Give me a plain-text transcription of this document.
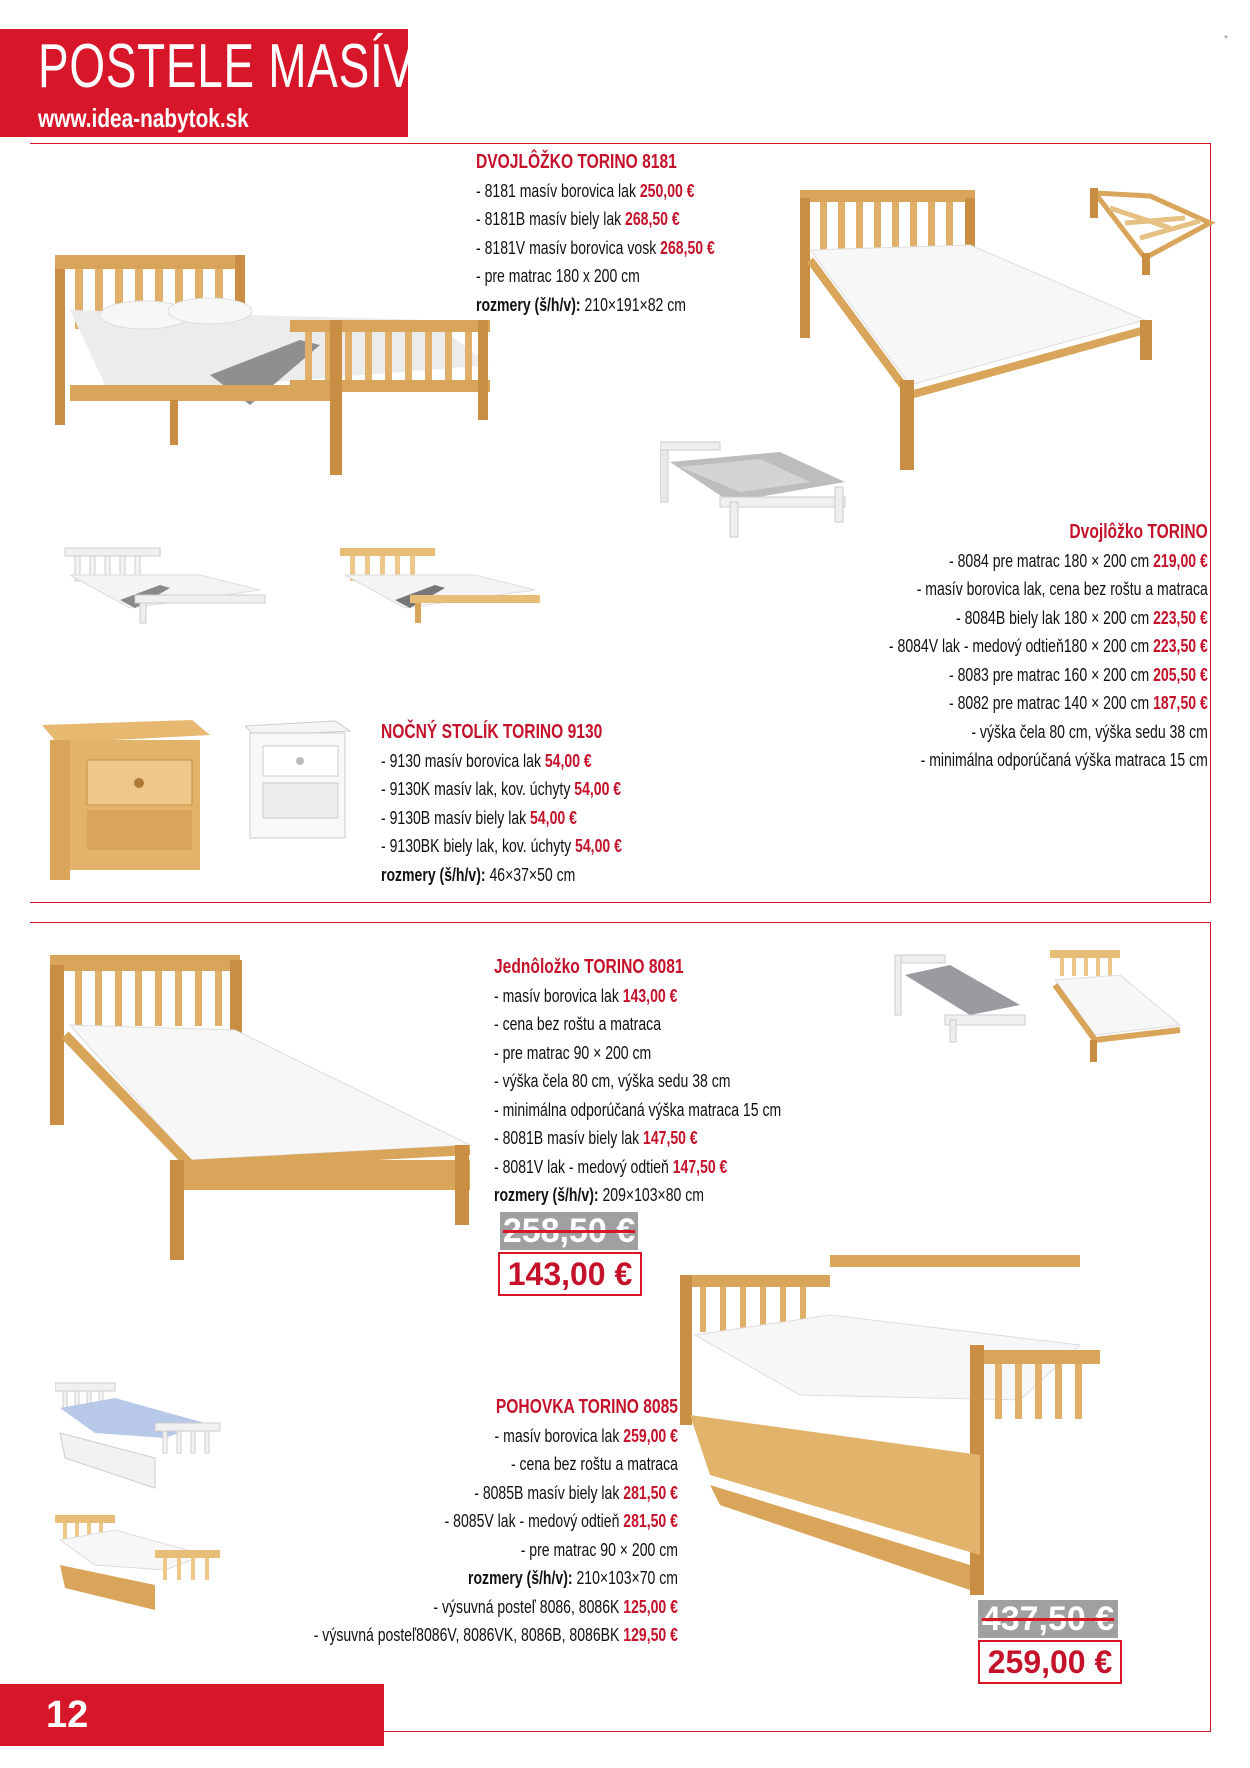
POSTELE MASÍV
www.idea-nabytok.sk
*
DVOJLÔŽKO TORINO 8181
- 8181 masív borovica lak 250,00 €
- 8181B masív biely lak 268,50 €
- 8181V masív borovica vosk 268,50 €
- pre matrac 180 x 200 cm
rozmery (š/h/v): 210×191×82 cm
Dvojlôžko TORINO
- 8084 pre matrac 180 × 200 cm 219,00 €
- masív borovica lak, cena bez roštu a matraca
- 8084B biely lak 180 × 200 cm 223,50 €
- 8084V lak - medový odtieň180 × 200 cm 223,50 €
- 8083 pre matrac 160 × 200 cm 205,50 €
- 8082 pre matrac 140 × 200 cm 187,50 €
- výška čela 80 cm, výška sedu 38 cm
- minimálna odporúčaná výška matraca 15 cm
NOČNÝ STOLÍK TORINO 9130
- 9130 masív borovica lak 54,00 €
- 9130K masív lak, kov. úchyty 54,00 €
- 9130B masív biely lak 54,00 €
- 9130BK biely lak, kov. úchyty 54,00 €
rozmery (š/h/v): 46×37×50 cm
Jednôložko TORINO 8081
- masív borovica lak 143,00 €
- cena bez roštu a matraca
- pre matrac 90 × 200 cm
- výška čela 80 cm, výška sedu 38 cm
- minimálna odporúčaná výška matraca 15 cm
- 8081B masív biely lak 147,50 €
- 8081V lak - medový odtieň 147,50 €
rozmery (š/h/v): 209×103×80 cm
258,50 €
143,00 €
POHOVKA TORINO 8085
- masív borovica lak 259,00 €
- cena bez roštu a matraca
- 8085B masív biely lak 281,50 €
- 8085V lak - medový odtieň 281,50 €
- pre matrac 90 × 200 cm
rozmery (š/h/v): 210×103×70 cm
- výsuvná posteľ 8086, 8086K 125,00 €
- výsuvná posteľ8086V, 8086VK, 8086B, 8086BK 129,50 €	437,50 €
259,00 €
12
